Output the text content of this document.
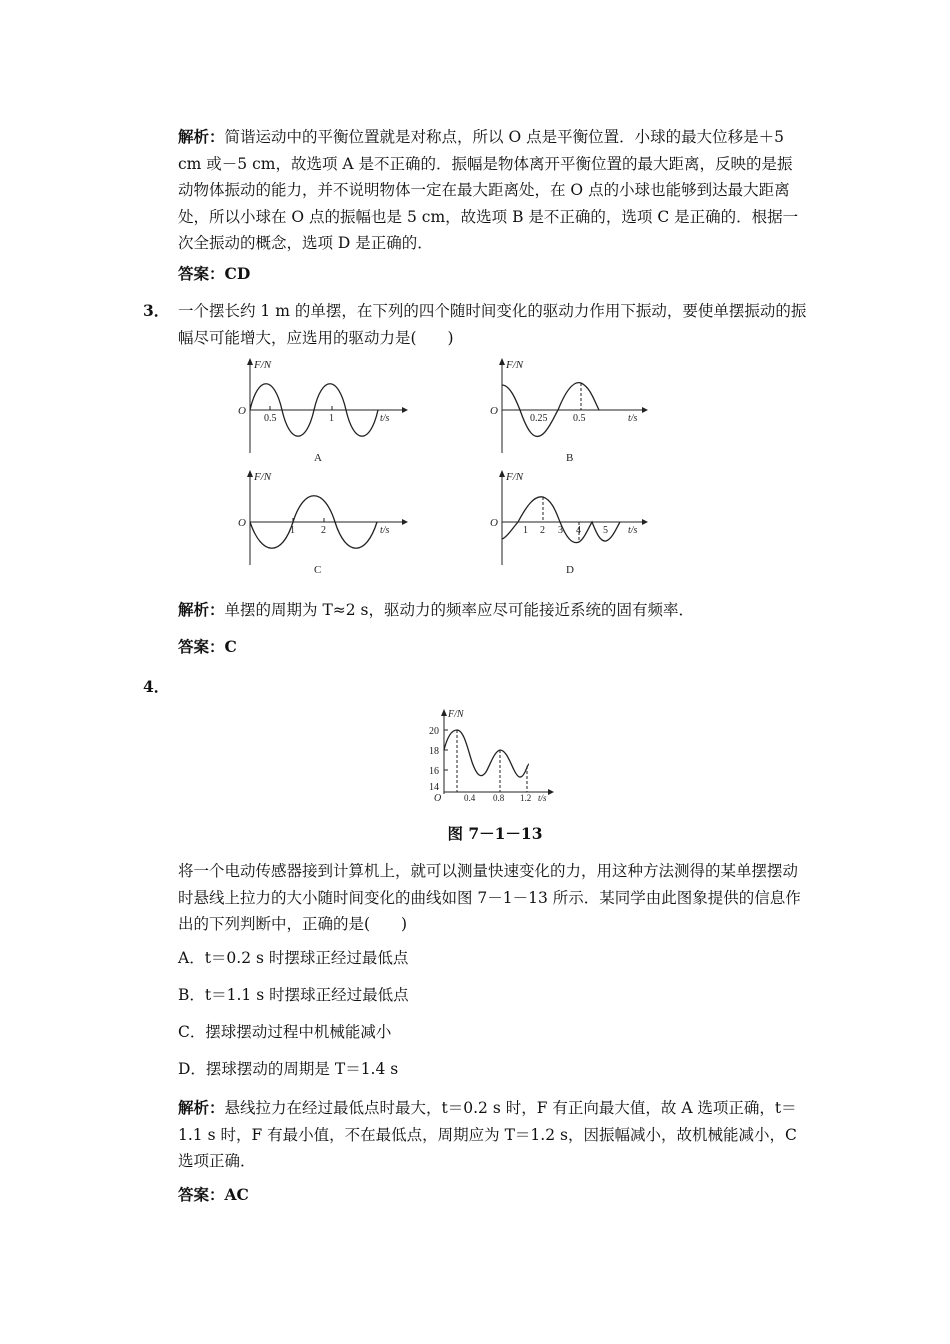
解析：简谐运动中的平衡位置就是对称点，所以 O 点是平衡位置．小球的最大位移是＋5 cm 或－5 cm，故选项 A 是不正确的．振幅是物体离开平衡位置的最大距离，反映的是振动物体振动的能力，并不说明物体一定在最大距离处，在 O 点的小球也能够到达最大距离处，所以小球在 O 点的振幅也是 5 cm，故选项 B 是不正确的，选项 C 是正确的．根据一次全振动的概念，选项 D 是正确的．
答案：CD
3． 一个摆长约 1 m 的单摆，在下列的四个随时间变化的驱动力作用下振动，要使单摆振动的振幅尽可能增大，应选用的驱动力是(　　)
F/N
O
0.5	1	t/s
A
F/N
O
0.25	0.5	t/s
B
F/N
O
1	2	t/s
C
F/N
O
1 2 3 4 5 t/s
D
解析：单摆的周期为 T≈2 s，驱动力的频率应尽可能接近系统的固有频率．
答案：C
4．
F/N
20
18
16
14
O	0.4 0.8 1.2 t/s
图 7－1－13
将一个电动传感器接到计算机上，就可以测量快速变化的力，用这种方法测得的某单摆摆动时悬线上拉力的大小随时间变化的曲线如图 7－1－13 所示．某同学由此图象提供的信息作出的下列判断中，正确的是(　　)
A．t＝0.2 s 时摆球正经过最低点
B．t＝1.1 s 时摆球正经过最低点
C．摆球摆动过程中机械能减小
D．摆球摆动的周期是 T＝1.4 s
解析：悬线拉力在经过最低点时最大，t＝0.2 s 时，F 有正向最大值，故 A 选项正确，t＝1.1 s 时，F 有最小值，不在最低点，周期应为 T＝1.2 s，因振幅减小，故机械能减小，C 选项正确．
答案：AC
